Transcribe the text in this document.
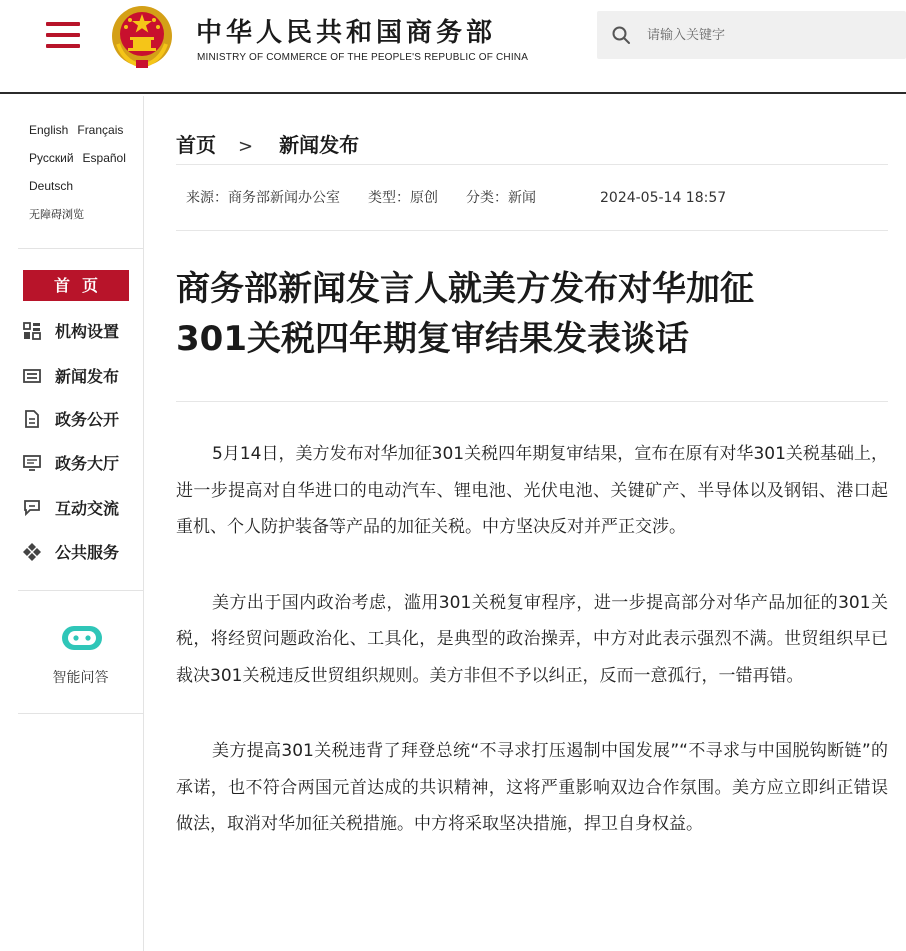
中华人民共和国商务部
MINISTRY OF COMMERCE OF THE PEOPLE'S REPUBLIC OF CHINA
请输入关键字
English Français
Русский Español
Deutsch
无障碍浏览
首页
机构设置
新闻发布
政务公开
政务大厅
互动交流
公共服务
智能问答
首页 > 新闻发布
来源：商务部新闻办公室 类型：原创 分类：新闻	2024-05-14 18:57
商务部新闻发言人就美方发布对华加征
301关税四年期复审结果发表谈话

5月14日，美方发布对华加征301关税四年期复审结果，宣布在原有对华301关税基础上，进一步提高对自华进口的电动汽车、锂电池、光伏电池、关键矿产、半导体以及钢铝、港口起重机、个人防护装备等产品的加征关税。中方坚决反对并严正交涉。

美方出于国内政治考虑，滥用301关税复审程序，进一步提高部分对华产品加征的301关税，将经贸问题政治化、工具化，是典型的政治操弄，中方对此表示强烈不满。世贸组织早已裁决301关税违反世贸组织规则。美方非但不予以纠正，反而一意孤行，一错再错。

美方提高301关税违背了拜登总统“不寻求打压遏制中国发展”“不寻求与中国脱钩断链”的承诺，也不符合两国元首达成的共识精神，这将严重影响双边合作氛围。美方应立即纠正错误做法，取消对华加征关税措施。中方将采取坚决措施，捍卫自身权益。
